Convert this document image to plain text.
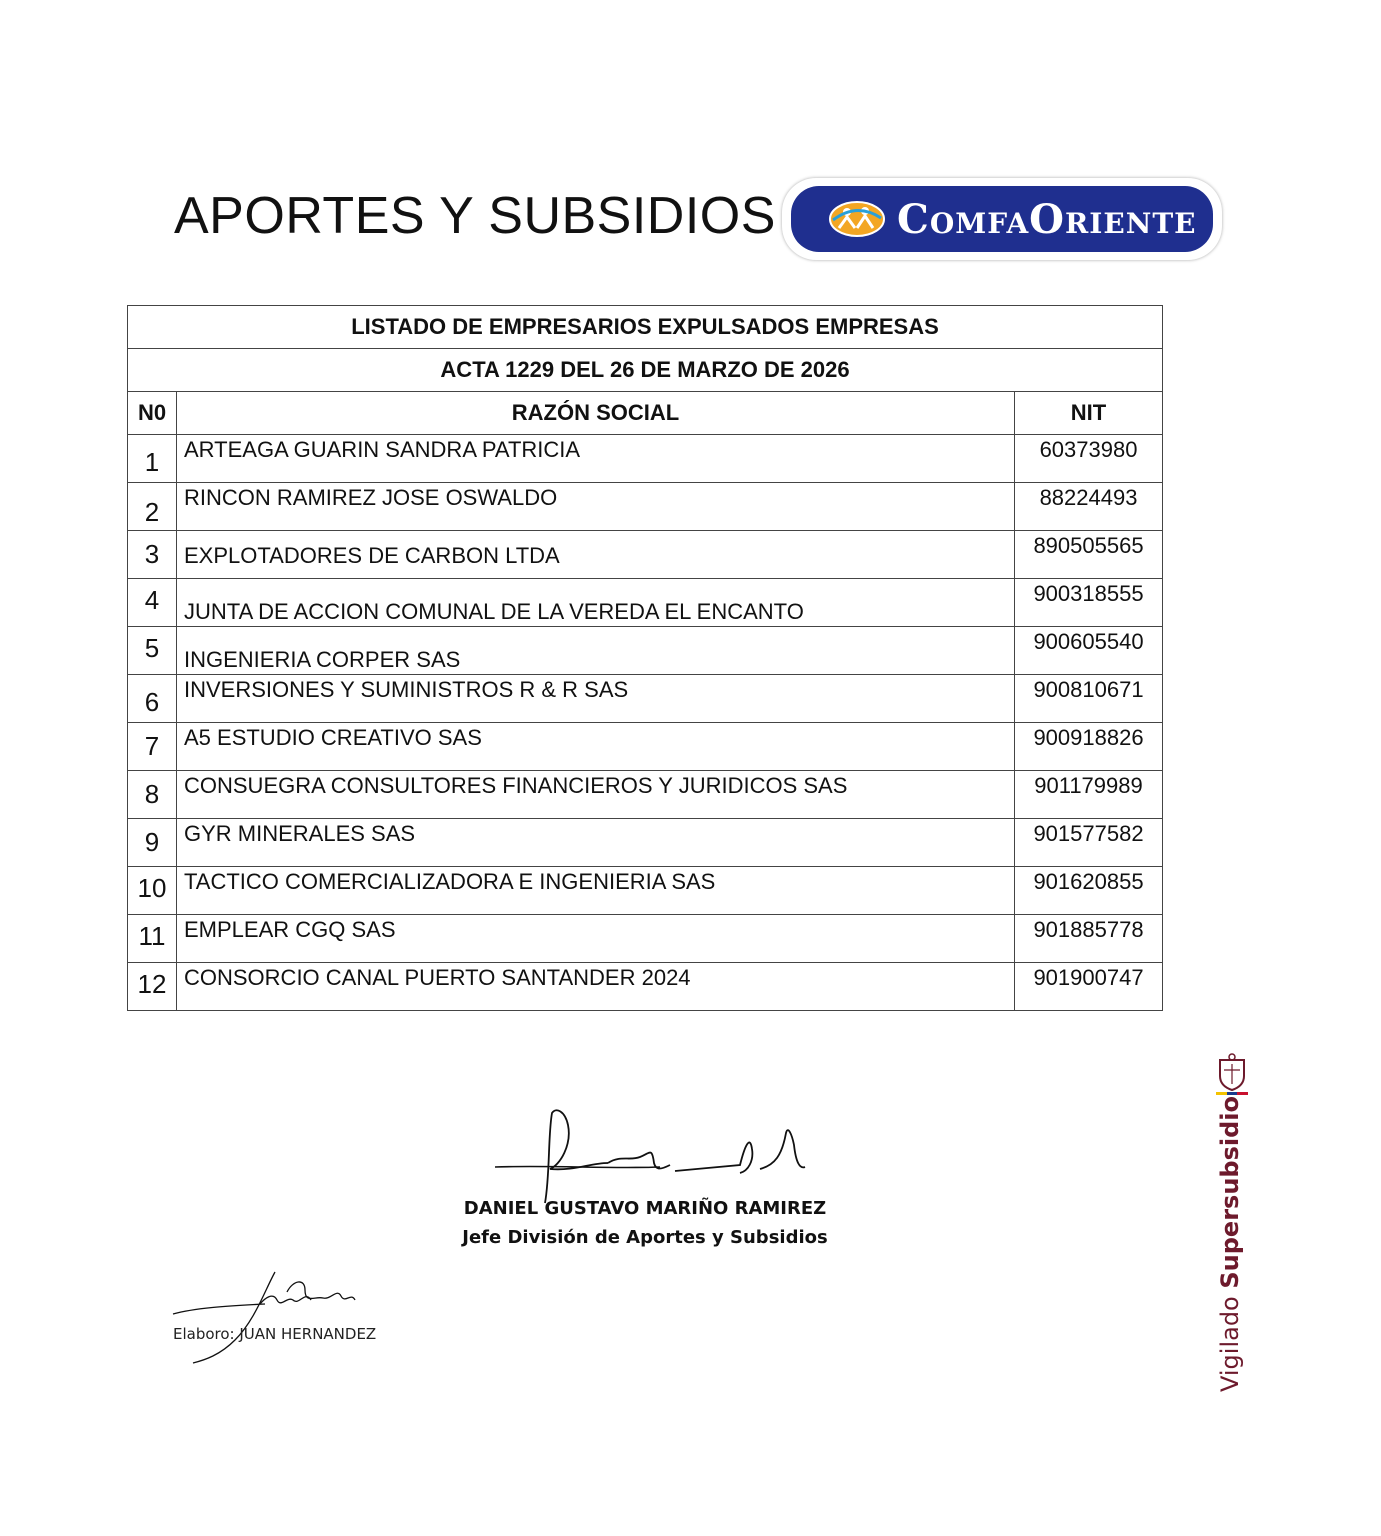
APORTES Y SUBSIDIOS	ComfaOriente
LISTADO DE EMPRESARIOS EXPULSADOS EMPRESAS		
ACTA 1229 DEL 26 DE MARZO DE 2026		
N0	RAZÓN SOCIAL	NIT

1	ARTEAGA GUARIN SANDRA PATRICIA	60373980

2	RINCON RAMIREZ JOSE OSWALDO	88224493

3	EXPLOTADORES DE CARBON LTDA	890505565

4	JUNTA DE ACCION COMUNAL DE LA VEREDA EL ENCANTO	900318555

5	INGENIERIA CORPER SAS	900605540

6	INVERSIONES Y SUMINISTROS R & R SAS	900810671

7	A5 ESTUDIO CREATIVO SAS	900918826

8	CONSUEGRA CONSULTORES FINANCIEROS Y JURIDICOS SAS	901179989

9	GYR MINERALES SAS	901577582

10	TACTICO COMERCIALIZADORA E INGENIERIA SAS	901620855

11	EMPLEAR CGQ SAS	901885778

12	CONSORCIO CANAL PUERTO SANTANDER 2024	901900747
DANIEL GUSTAVO MARIÑO RAMIREZ
Jefe División de Aportes y Subsidios
Elaboro: JUAN HERNANDEZ	Vigilado Supersubsidio
